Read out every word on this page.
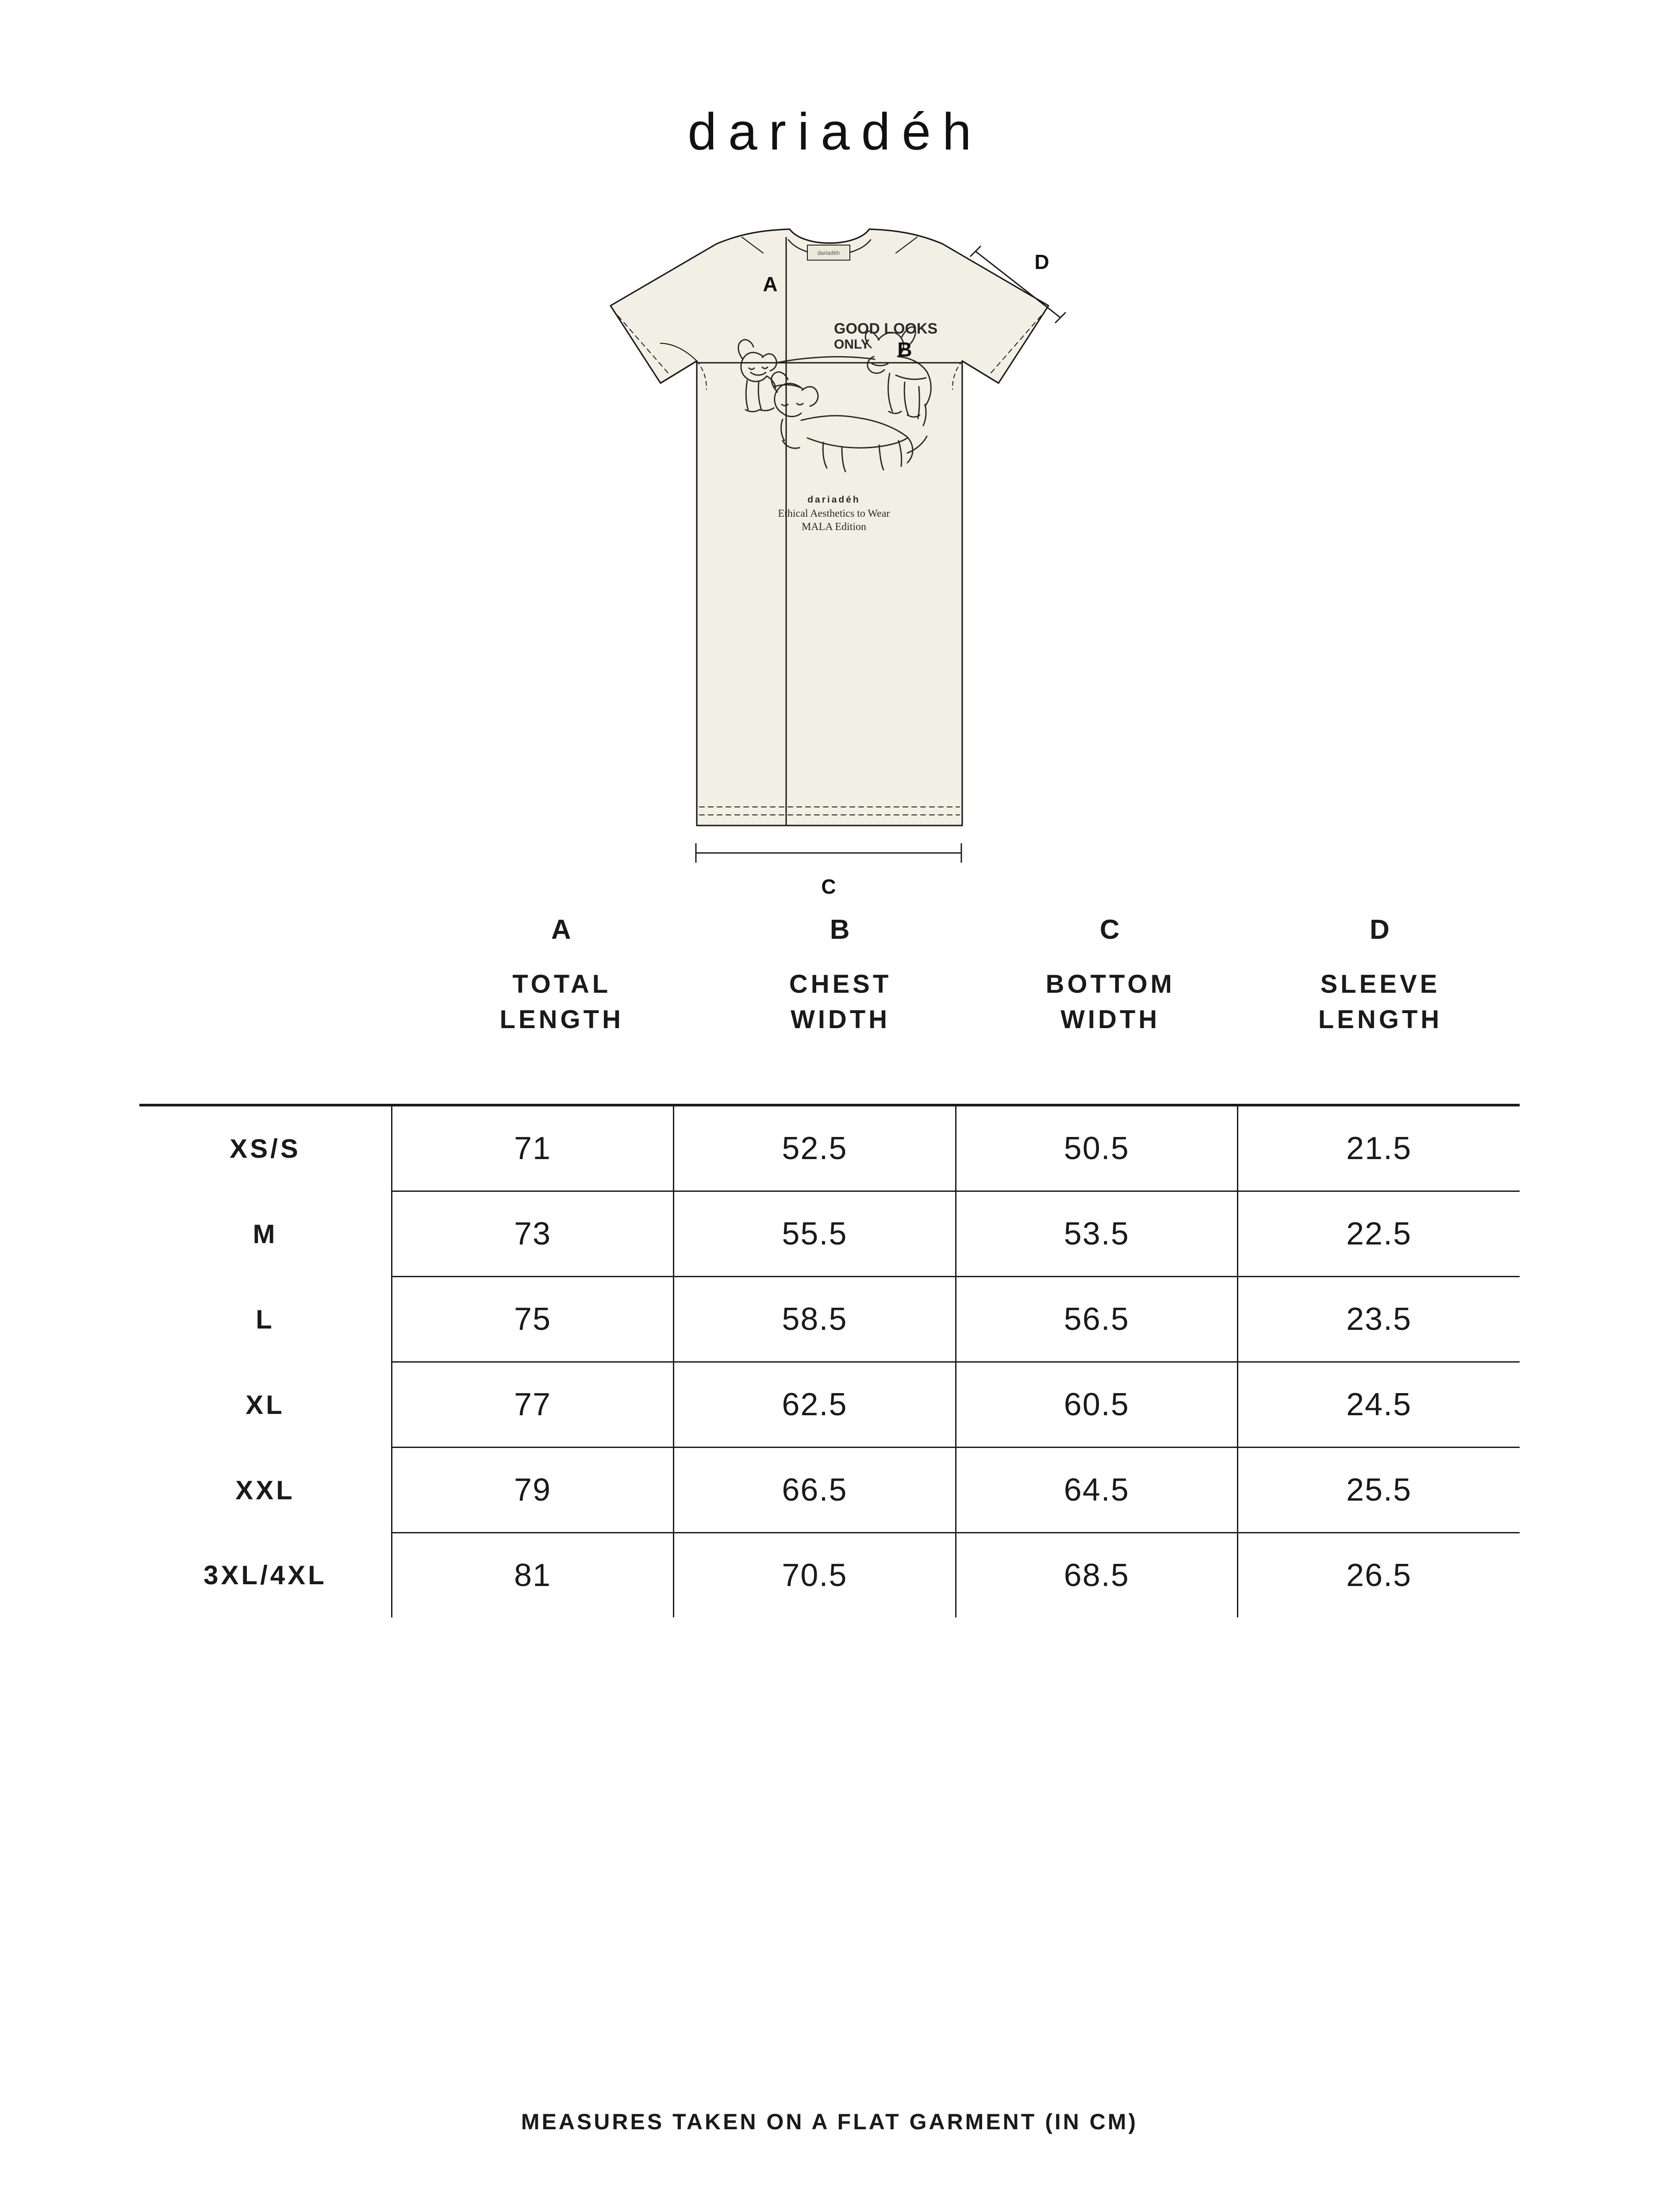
dariadéh
dariadéh
GOOD LOOKS
ONLY
dariadéh
Ethical Aesthetics to Wear
MALA Edition
A
B
C
D
A
TOTAL
LENGTH
B
CHEST
WIDTH
C
BOTTOM
WIDTH
D
SLEEVE
LENGTH

XS/S	71	52.5	50.5	21.5
M	73	55.5	53.5	22.5
L	75	58.5	56.5	23.5
XL	77	62.5	60.5	24.5
XXL	79	66.5	64.5	25.5
3XL/4XL	81	70.5	68.5	26.5
MEASURES TAKEN ON A FLAT GARMENT (IN CM)
